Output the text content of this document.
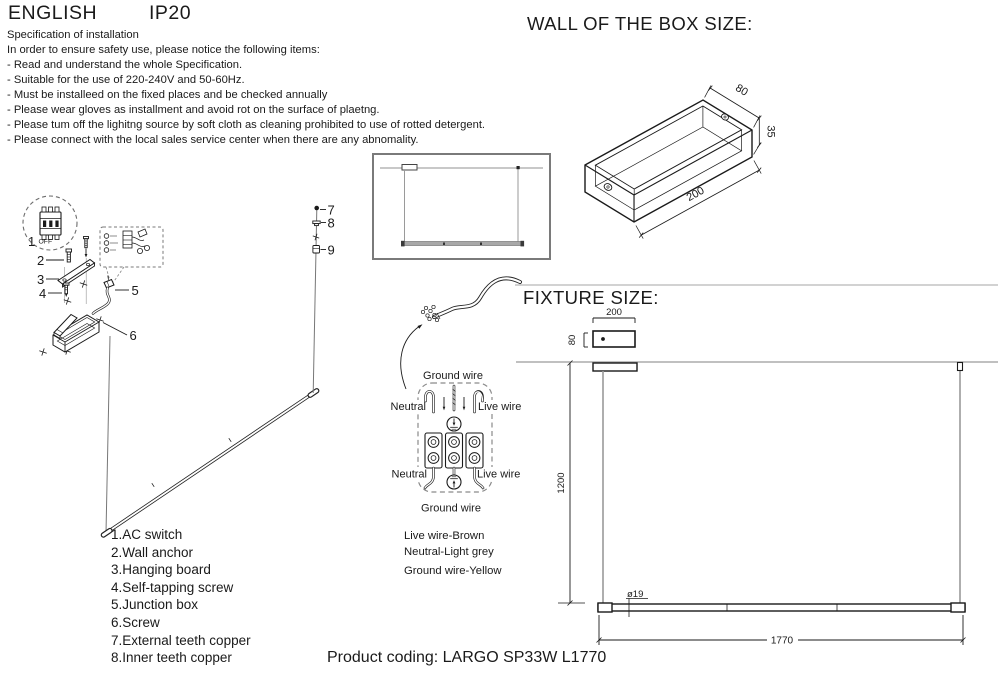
ENGLISH	IP20
Specification of installation
In order to ensure safety use, please notice the following items:
- Read and understand the whole Specification.
- Suitable for the use of 220-240V and 50-60Hz.
- Must be installeed on the fixed places and be checked annually
- Please wear gloves as installment and avoid rot on the surface of plaetng.
- Please tum off the lighitng source by soft cloth as cleaning prohibited to use of rotted detergent.
- Please connect with the local sales service center when there are any abnomality.
WALL OF THE BOX SIZE:
80
35
200
1 OFF
2
3
4	5
7
8
9
6
1.AC switch
2.Wall anchor
3.Hanging board
4.Self-tapping screw
5.Junction box
6.Screw
7.External teeth copper
8.Inner teeth copper
Ground wire
Neutral	Live wire
Neutral	Live wire
Ground wire
Live wire-Brown
Neutral-Light grey
Ground wire-Yellow
200
80
1200
ø19
1770
FIXTURE SIZE:
Product coding: LARGO SP33W L1770
